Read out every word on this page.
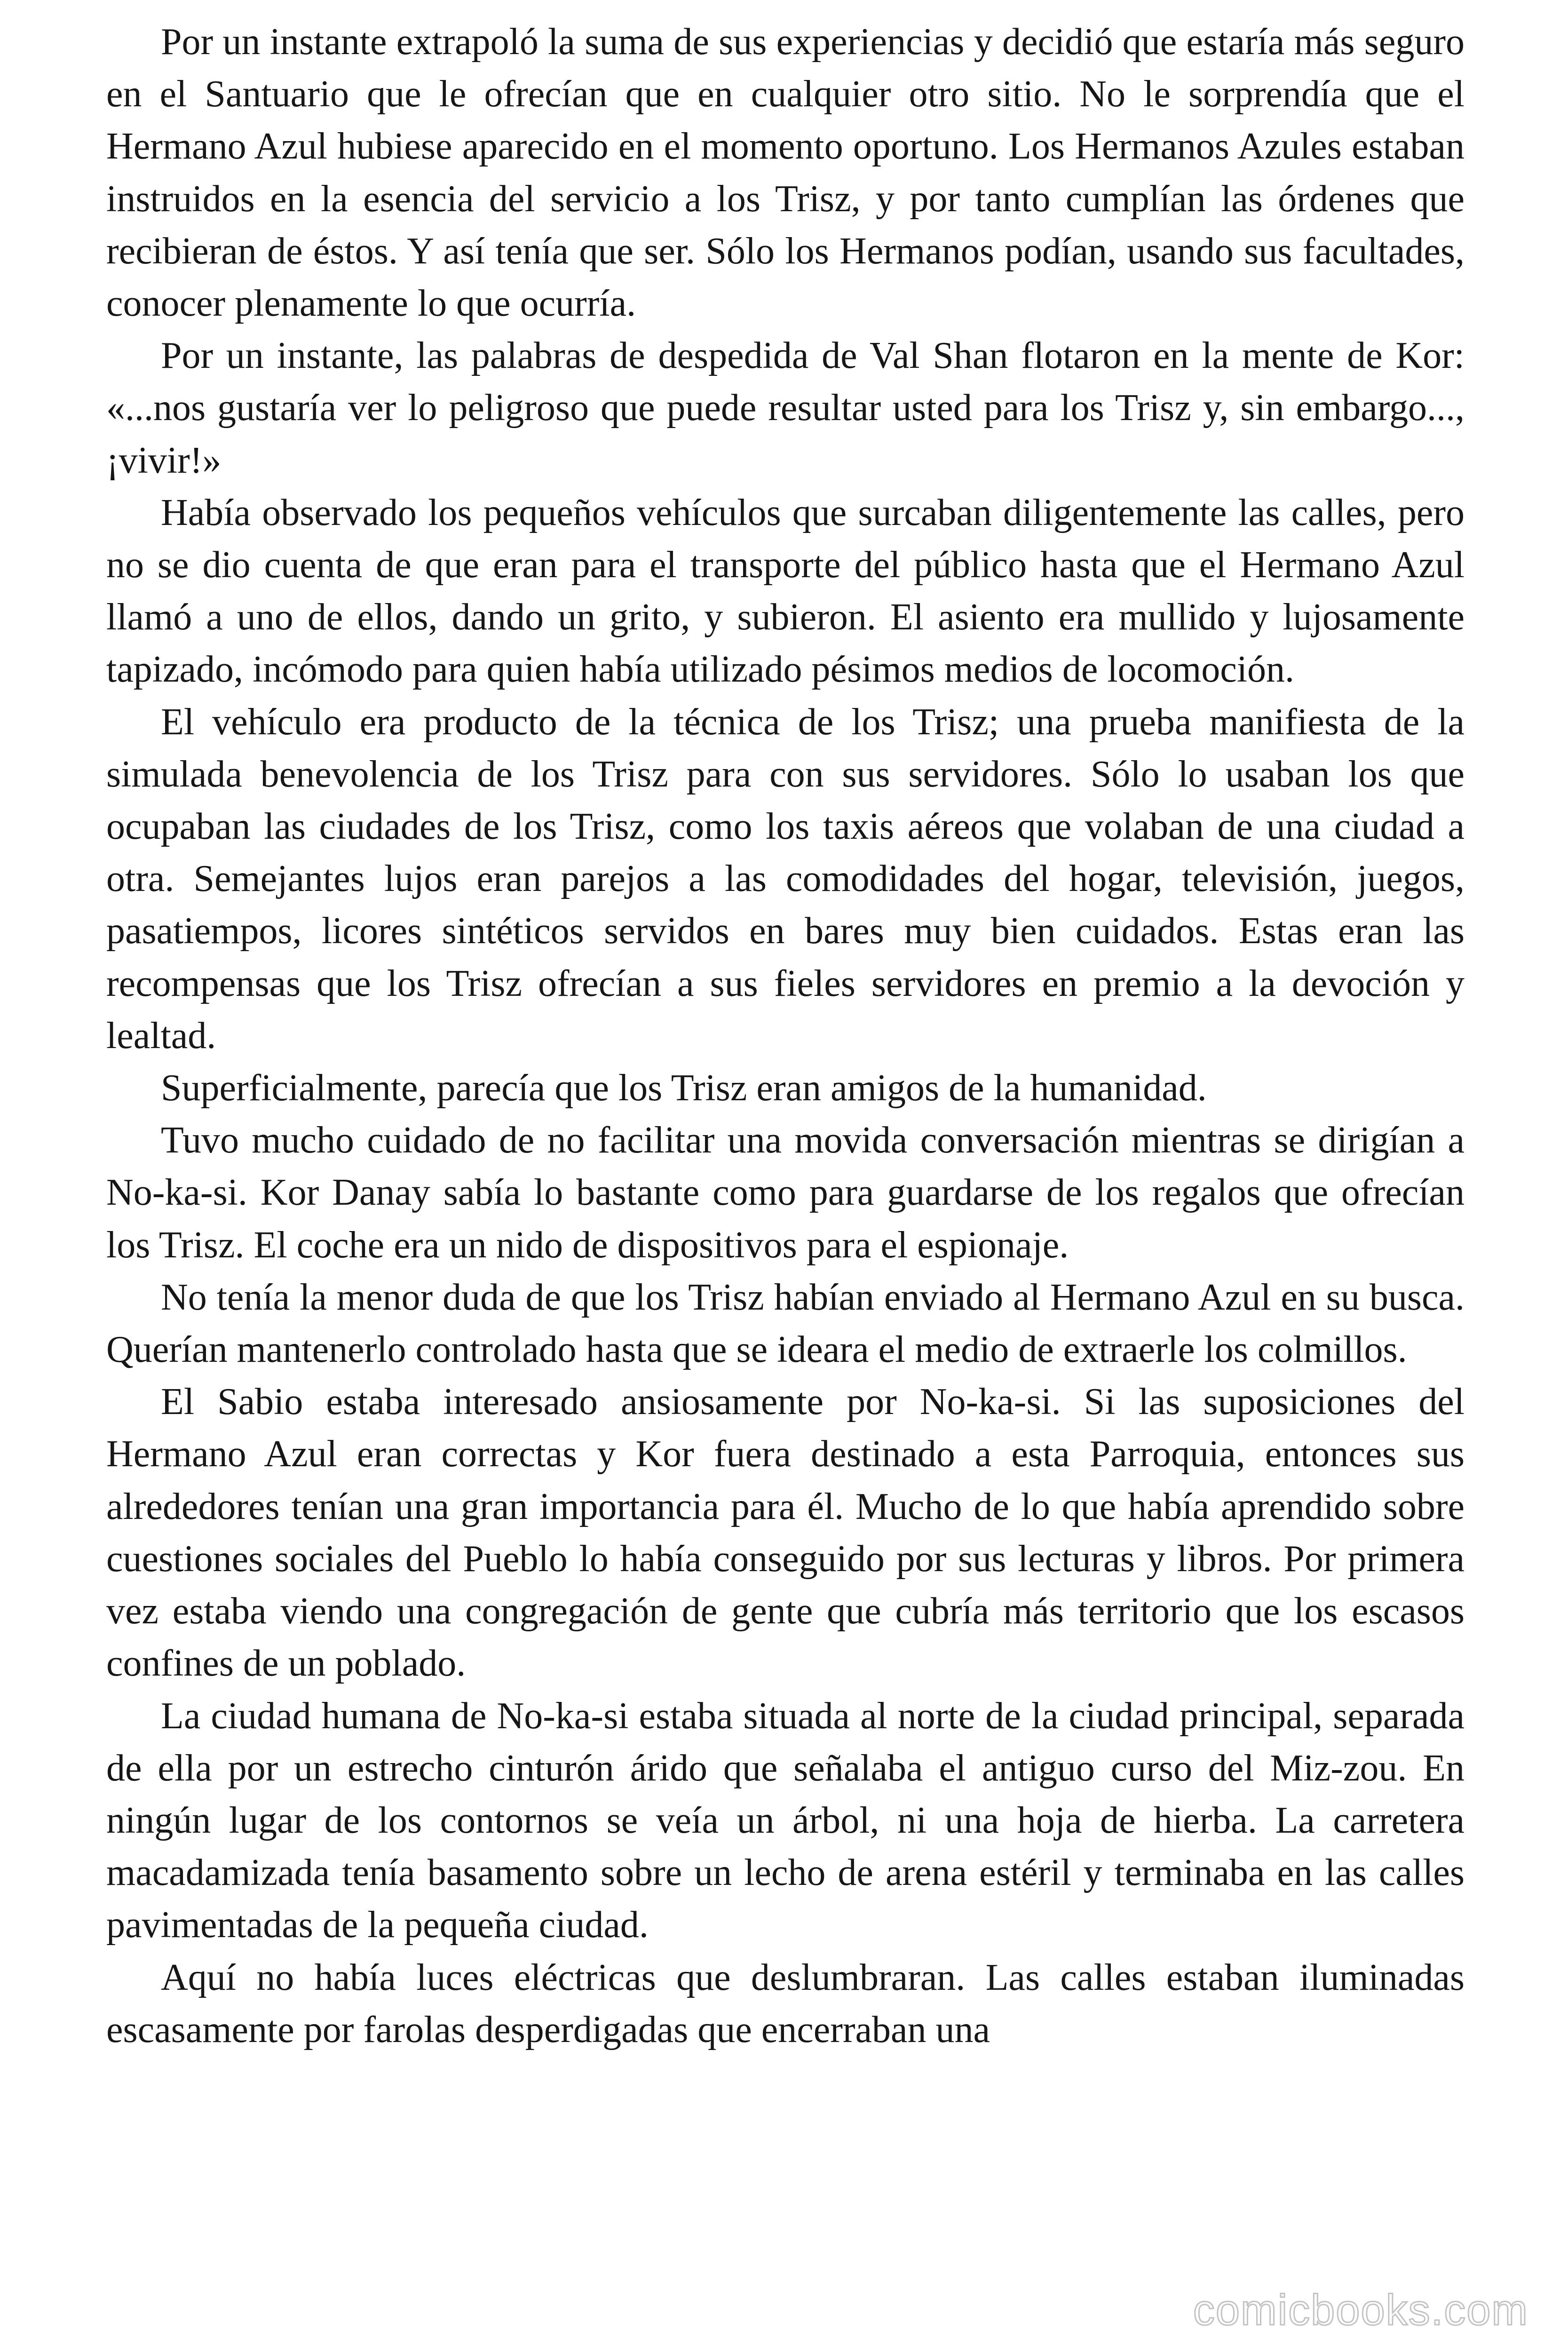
Por un instante extrapoló la suma de sus experiencias y decidió que estaría más seguro en el Santuario que le ofrecían que en cualquier otro sitio. No le sorprendía que el Hermano Azul hubiese aparecido en el momento oportuno. Los Hermanos Azules estaban instruidos en la esencia del servicio a los Trisz, y por tanto cumplían las órdenes que recibieran de éstos. Y así tenía que ser. Sólo los Hermanos podían, usando sus facultades, conocer plenamente lo que ocurría.

Por un instante, las palabras de despedida de Val Shan flotaron en la mente de Kor: «...nos gustaría ver lo peligroso que puede resultar usted para los Trisz y, sin embargo..., ¡vivir!»

Había observado los pequeños vehículos que surcaban diligentemente las calles, pero no se dio cuenta de que eran para el transporte del público hasta que el Hermano Azul llamó a uno de ellos, dando un grito, y subieron. El asiento era mullido y lujosamente tapizado, incómodo para quien había utilizado pésimos medios de locomoción.

El vehículo era producto de la técnica de los Trisz; una prueba manifiesta de la simulada benevolencia de los Trisz para con sus servidores. Sólo lo usaban los que ocupaban las ciudades de los Trisz, como los taxis aéreos que volaban de una ciudad a otra. Semejantes lujos eran parejos a las comodidades del hogar, televisión, juegos, pasatiempos, licores sintéticos servidos en bares muy bien cuidados. Estas eran las recompensas que los Trisz ofrecían a sus fieles servidores en premio a la devoción y lealtad.

Superficialmente, parecía que los Trisz eran amigos de la humanidad.

Tuvo mucho cuidado de no facilitar una movida conversación mientras se dirigían a No-ka-si. Kor Danay sabía lo bastante como para guardarse de los regalos que ofrecían los Trisz. El coche era un nido de dispositivos para el espionaje.

No tenía la menor duda de que los Trisz habían enviado al Hermano Azul en su busca. Querían mantenerlo controlado hasta que se ideara el medio de extraerle los colmillos.

El Sabio estaba interesado ansiosamente por No-ka-si. Si las suposiciones del Hermano Azul eran correctas y Kor fuera destinado a esta Parroquia, entonces sus alrededores tenían una gran importancia para él. Mucho de lo que había aprendido sobre cuestiones sociales del Pueblo lo había conseguido por sus lecturas y libros. Por primera vez estaba viendo una congregación de gente que cubría más territorio que los escasos confines de un poblado.

La ciudad humana de No-ka-si estaba situada al norte de la ciudad principal, separada de ella por un estrecho cinturón árido que señalaba el antiguo curso del Miz-zou. En ningún lugar de los contornos se veía un árbol, ni una hoja de hierba. La carretera macadamizada tenía basamento sobre un lecho de arena estéril y terminaba en las calles pavimentadas de la pequeña ciudad.

Aquí no había luces eléctricas que deslumbraran. Las calles estaban iluminadas escasamente por farolas desperdigadas que encerraban una

comicbooks.com
